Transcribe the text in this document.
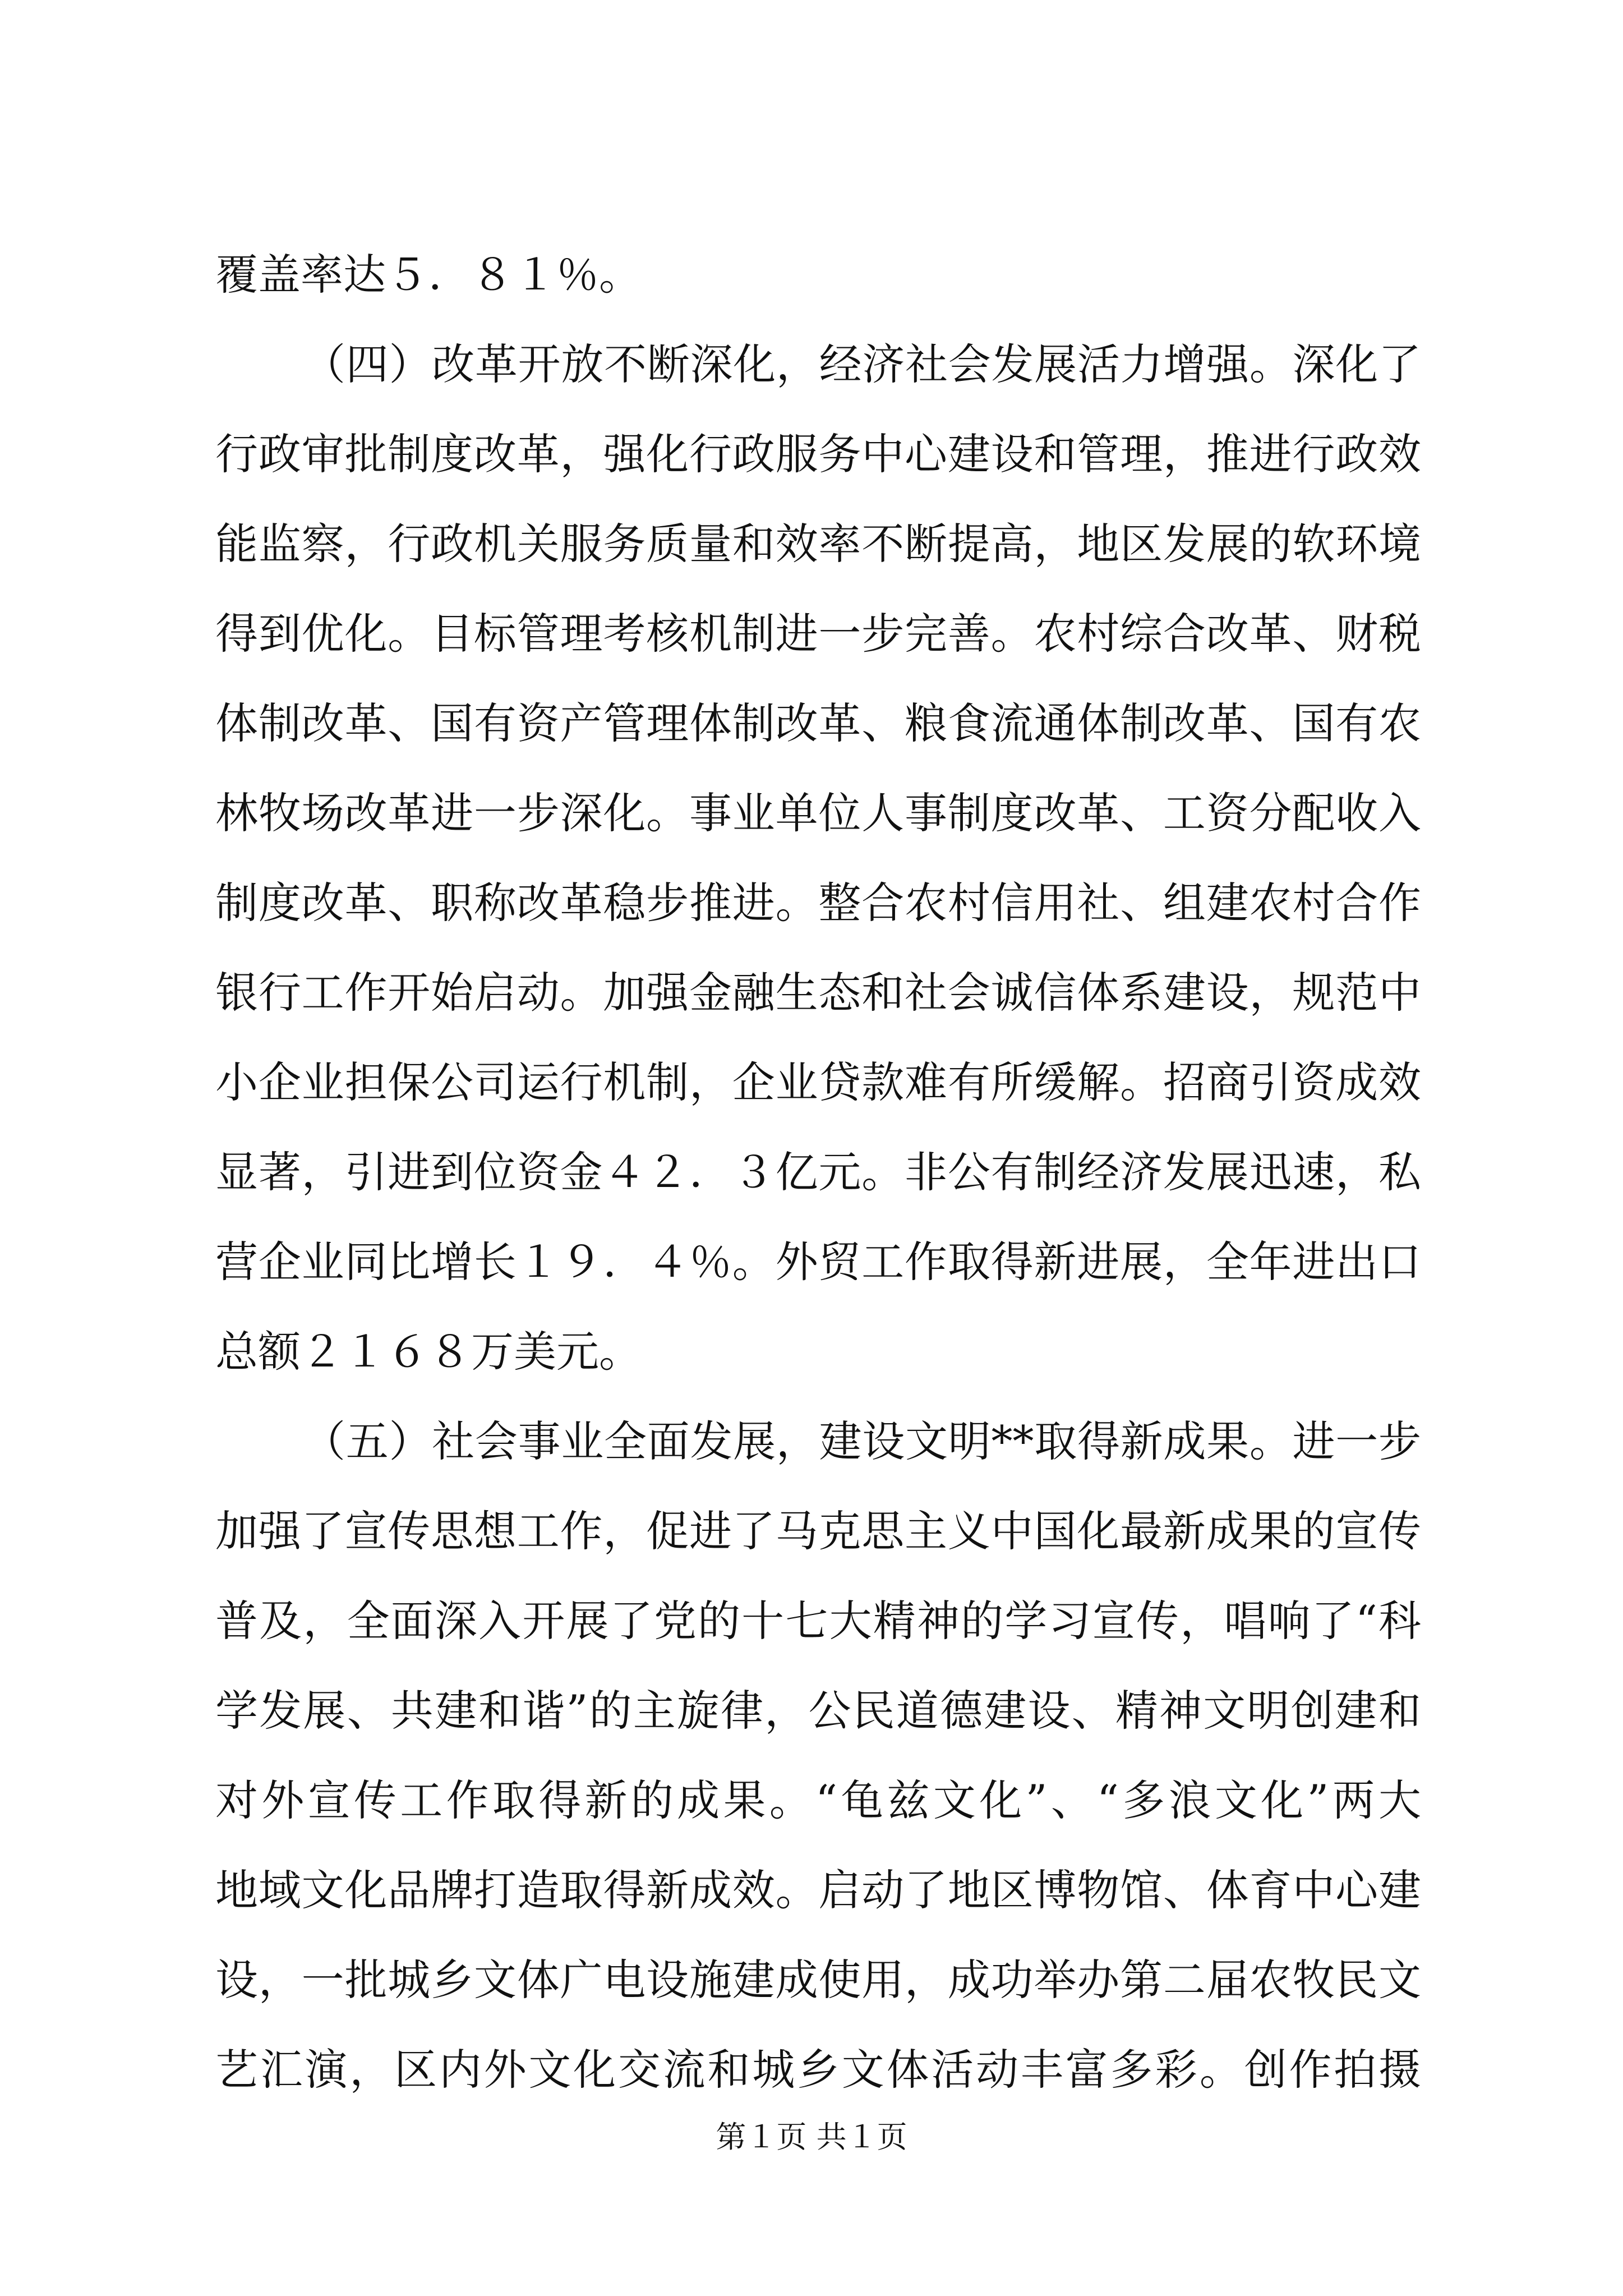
覆盖率达５．８１％。
（四）改革开放不断深化，经济社会发展活力增强。深化了
行政审批制度改革，强化行政服务中心建设和管理，推进行政效
能监察，行政机关服务质量和效率不断提高，地区发展的软环境
得到优化。目标管理考核机制进一步完善。农村综合改革、财税
体制改革、国有资产管理体制改革、粮食流通体制改革、国有农
林牧场改革进一步深化。事业单位人事制度改革、工资分配收入
制度改革、职称改革稳步推进。整合农村信用社、组建农村合作
银行工作开始启动。加强金融生态和社会诚信体系建设，规范中
小企业担保公司运行机制，企业贷款难有所缓解。招商引资成效
显著，引进到位资金４２．３亿元。非公有制经济发展迅速，私
营企业同比增长１９．４％。外贸工作取得新进展，全年进出口
总额２１６８万美元。
（五）社会事业全面发展，建设文明**取得新成果。进一步
加强了宣传思想工作，促进了马克思主义中国化最新成果的宣传
普及，全面深入开展了党的十七大精神的学习宣传，唱响了“科
学发展、共建和谐”的主旋律，公民道德建设、精神文明创建和
对外宣传工作取得新的成果。“龟兹文化”、“多浪文化”两大
地域文化品牌打造取得新成效。启动了地区博物馆、体育中心建
设，一批城乡文体广电设施建成使用，成功举办第二届农牧民文
艺汇演，区内外文化交流和城乡文体活动丰富多彩。创作拍摄
第１页 共１页
